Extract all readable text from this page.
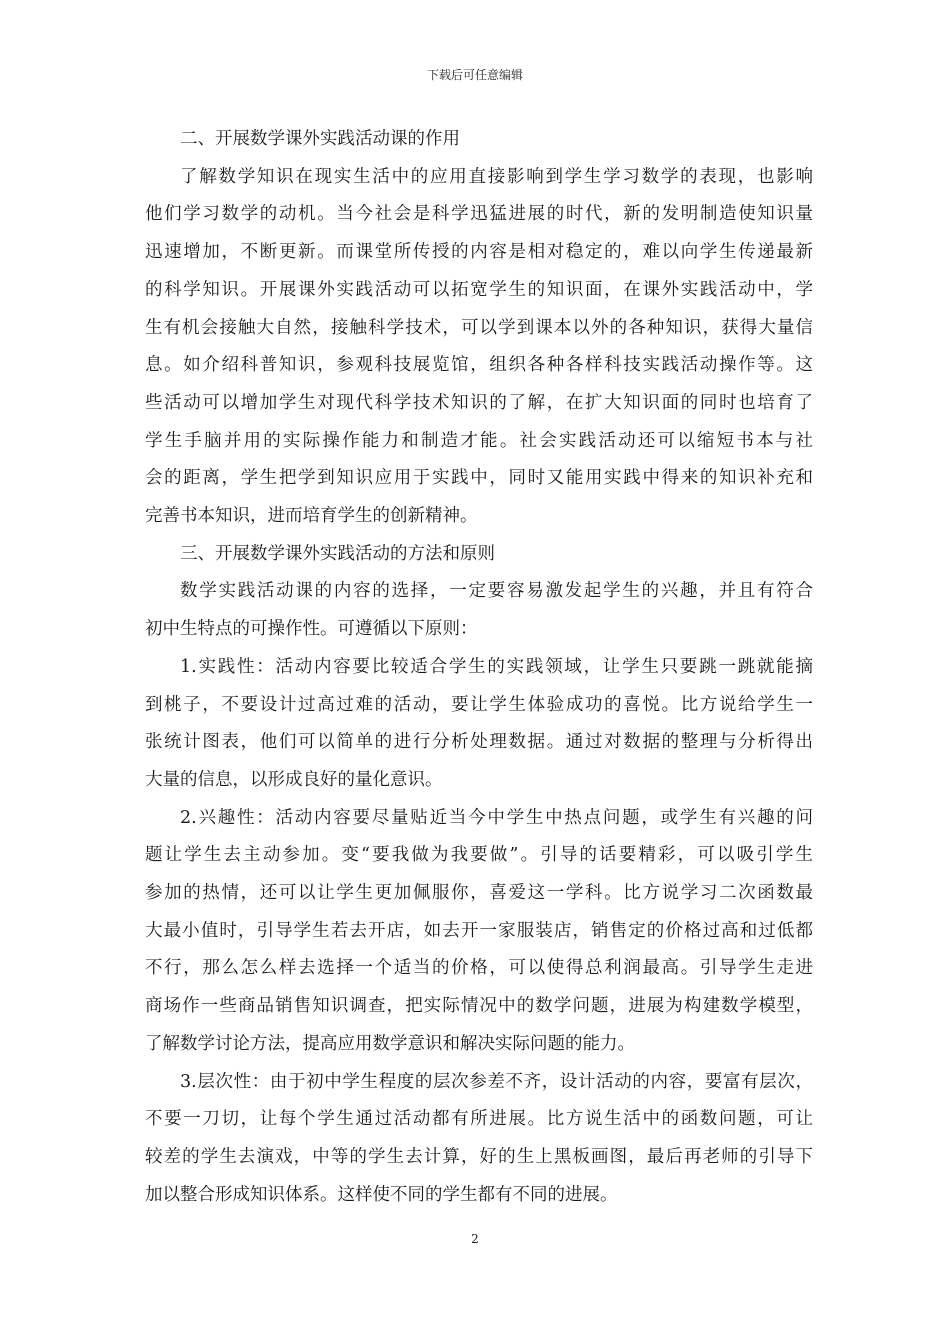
下载后可任意编辑

二、开展数学课外实践活动课的作用

了解数学知识在现实生活中的应用直接影响到学生学习数学的表现，也影响
他们学习数学的动机。当今社会是科学迅猛进展的时代，新的发明制造使知识量
迅速增加，不断更新。而课堂所传授的内容是相对稳定的，难以向学生传递最新
的科学知识。开展课外实践活动可以拓宽学生的知识面，在课外实践活动中，学
生有机会接触大自然，接触科学技术，可以学到课本以外的各种知识，获得大量信
息。如介绍科普知识，参观科技展览馆，组织各种各样科技实践活动操作等。这
些活动可以增加学生对现代科学技术知识的了解，在扩大知识面的同时也培育了
学生手脑并用的实际操作能力和制造才能。社会实践活动还可以缩短书本与社
会的距离，学生把学到知识应用于实践中，同时又能用实践中得来的知识补充和
完善书本知识，进而培育学生的创新精神。

三、开展数学课外实践活动的方法和原则

数学实践活动课的内容的选择，一定要容易激发起学生的兴趣，并且有符合
初中生特点的可操作性。可遵循以下原则：

1.实践性：活动内容要比较适合学生的实践领域，让学生只要跳一跳就能摘
到桃子，不要设计过高过难的活动，要让学生体验成功的喜悦。比方说给学生一
张统计图表，他们可以简单的进行分析处理数据。通过对数据的整理与分析得出
大量的信息，以形成良好的量化意识。

2.兴趣性：活动内容要尽量贴近当今中学生中热点问题，或学生有兴趣的问
题让学生去主动参加。变“要我做为我要做”。引导的话要精彩，可以吸引学生
参加的热情，还可以让学生更加佩服你，喜爱这一学科。比方说学习二次函数最
大最小值时，引导学生若去开店，如去开一家服装店，销售定的价格过高和过低都
不行，那么怎么样去选择一个适当的价格，可以使得总利润最高。引导学生走进
商场作一些商品销售知识调查，把实际情况中的数学问题，进展为构建数学模型，
了解数学讨论方法，提高应用数学意识和解决实际问题的能力。

3.层次性：由于初中学生程度的层次参差不齐，设计活动的内容，要富有层次，
不要一刀切，让每个学生通过活动都有所进展。比方说生活中的函数问题，可让
较差的学生去演戏，中等的学生去计算，好的生上黑板画图，最后再老师的引导下
加以整合形成知识体系。这样使不同的学生都有不同的进展。

2
